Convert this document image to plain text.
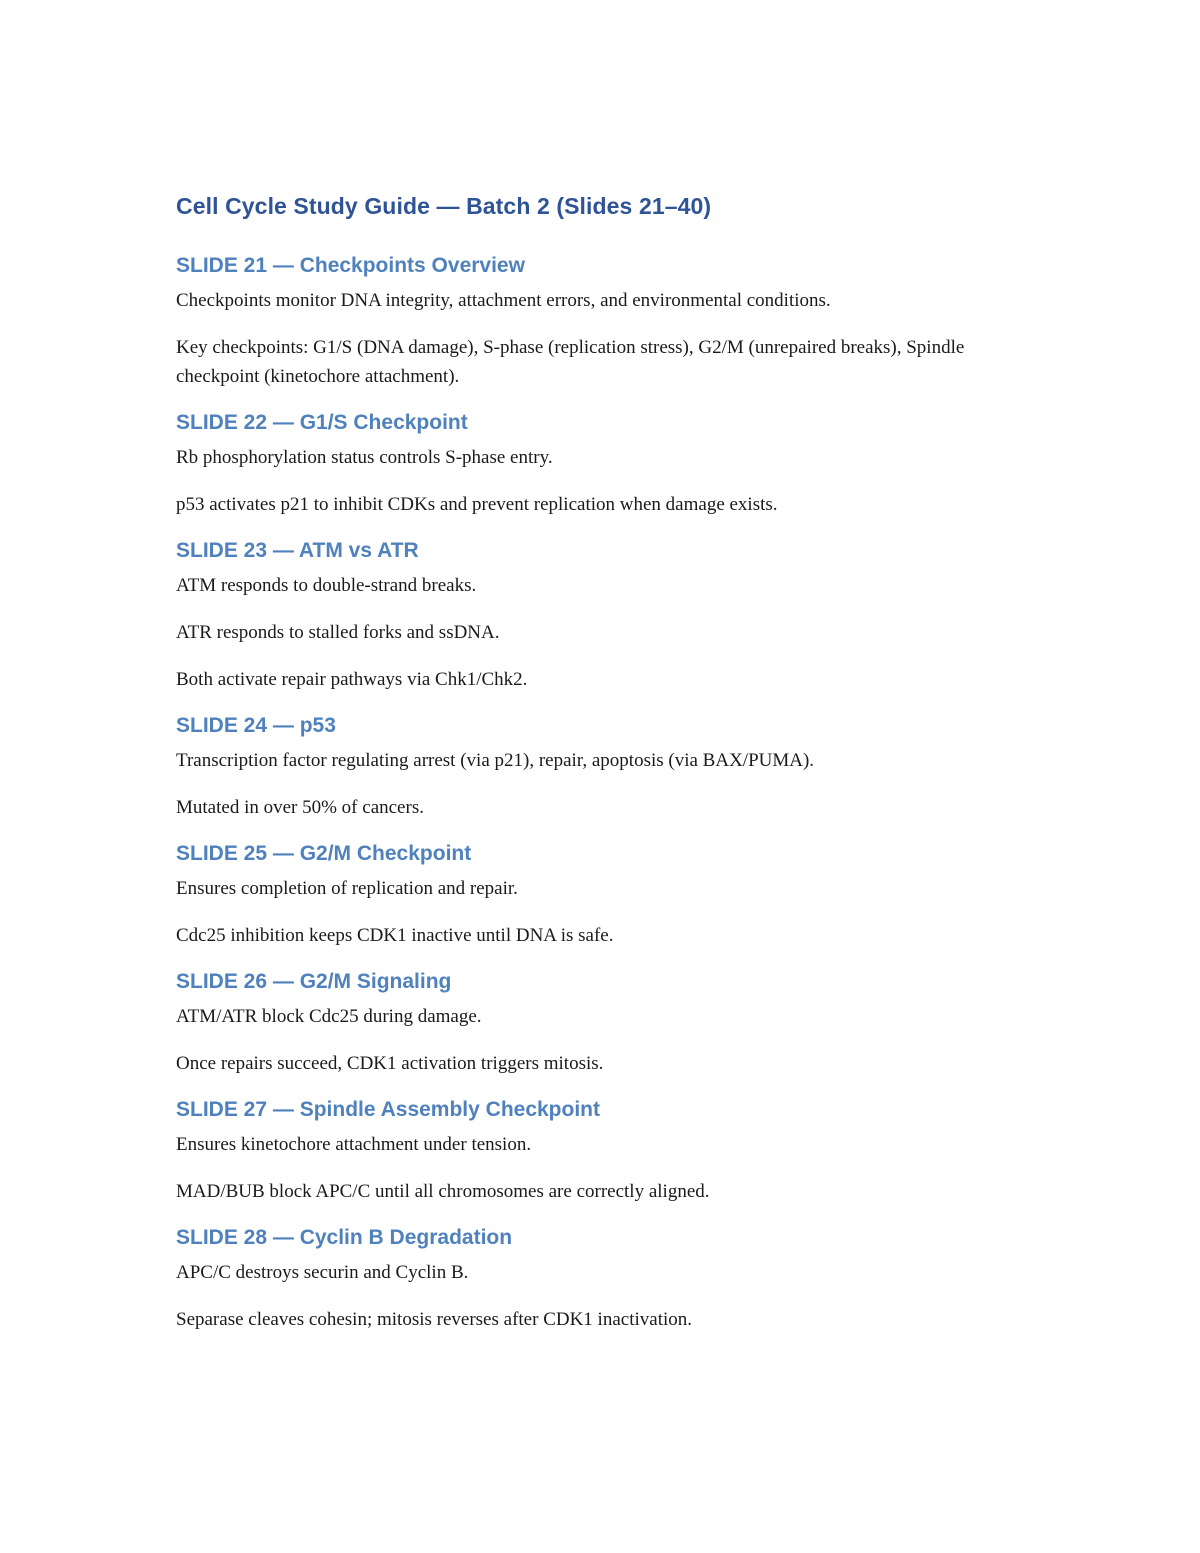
Cell Cycle Study Guide — Batch 2 (Slides 21–40)
SLIDE 21 — Checkpoints Overview

Checkpoints monitor DNA integrity, attachment errors, and environmental conditions.

Key checkpoints: G1/S (DNA damage), S-phase (replication stress), G2/M (unrepaired breaks), Spindle checkpoint (kinetochore attachment).

SLIDE 22 — G1/S Checkpoint

Rb phosphorylation status controls S-phase entry.

p53 activates p21 to inhibit CDKs and prevent replication when damage exists.

SLIDE 23 — ATM vs ATR

ATM responds to double-strand breaks.

ATR responds to stalled forks and ssDNA.

Both activate repair pathways via Chk1/Chk2.

SLIDE 24 — p53

Transcription factor regulating arrest (via p21), repair, apoptosis (via BAX/PUMA).

Mutated in over 50% of cancers.

SLIDE 25 — G2/M Checkpoint

Ensures completion of replication and repair.

Cdc25 inhibition keeps CDK1 inactive until DNA is safe.

SLIDE 26 — G2/M Signaling

ATM/ATR block Cdc25 during damage.

Once repairs succeed, CDK1 activation triggers mitosis.

SLIDE 27 — Spindle Assembly Checkpoint

Ensures kinetochore attachment under tension.

MAD/BUB block APC/C until all chromosomes are correctly aligned.

SLIDE 28 — Cyclin B Degradation

APC/C destroys securin and Cyclin B.

Separase cleaves cohesin; mitosis reverses after CDK1 inactivation.
